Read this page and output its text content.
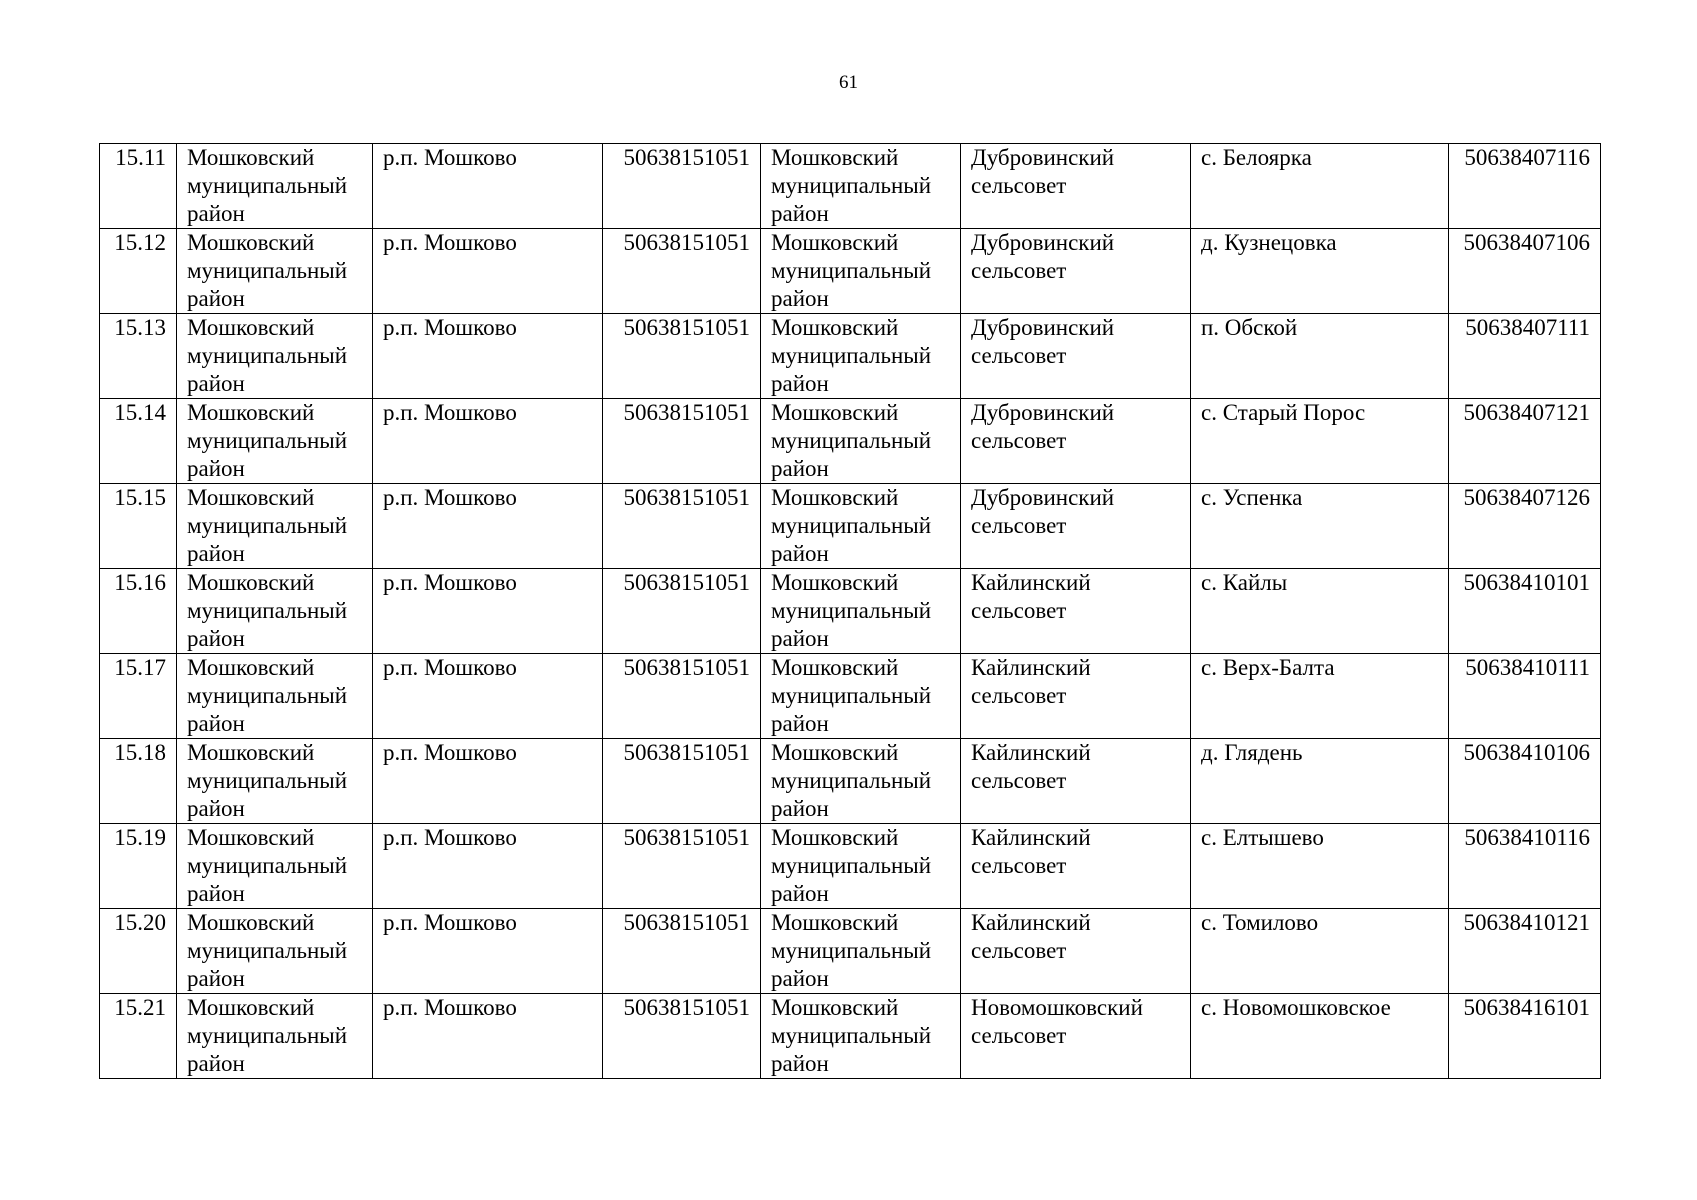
61
15.11	Мошковский
муниципальный
район	р.п. Мошково	50638151051	Мошковский
муниципальный
район	Дубровинский
сельсовет	с. Белоярка	50638407116
15.12	Мошковский
муниципальный
район	р.п. Мошково	50638151051	Мошковский
муниципальный
район	Дубровинский
сельсовет	д. Кузнецовка	50638407106
15.13	Мошковский
муниципальный
район	р.п. Мошково	50638151051	Мошковский
муниципальный
район	Дубровинский
сельсовет	п. Обской	50638407111
15.14	Мошковский
муниципальный
район	р.п. Мошково	50638151051	Мошковский
муниципальный
район	Дубровинский
сельсовет	с. Старый Порос	50638407121
15.15	Мошковский
муниципальный
район	р.п. Мошково	50638151051	Мошковский
муниципальный
район	Дубровинский
сельсовет	с. Успенка	50638407126
15.16	Мошковский
муниципальный
район	р.п. Мошково	50638151051	Мошковский
муниципальный
район	Кайлинский
сельсовет	с. Кайлы	50638410101
15.17	Мошковский
муниципальный
район	р.п. Мошково	50638151051	Мошковский
муниципальный
район	Кайлинский
сельсовет	с. Верх-Балта	50638410111
15.18	Мошковский
муниципальный
район	р.п. Мошково	50638151051	Мошковский
муниципальный
район	Кайлинский
сельсовет	д. Глядень	50638410106
15.19	Мошковский
муниципальный
район	р.п. Мошково	50638151051	Мошковский
муниципальный
район	Кайлинский
сельсовет	с. Елтышево	50638410116
15.20	Мошковский
муниципальный
район	р.п. Мошково	50638151051	Мошковский
муниципальный
район	Кайлинский
сельсовет	с. Томилово	50638410121
15.21	Мошковский
муниципальный
район	р.п. Мошково	50638151051	Мошковский
муниципальный
район	Новомошковский
сельсовет	с. Новомошковское	50638416101
